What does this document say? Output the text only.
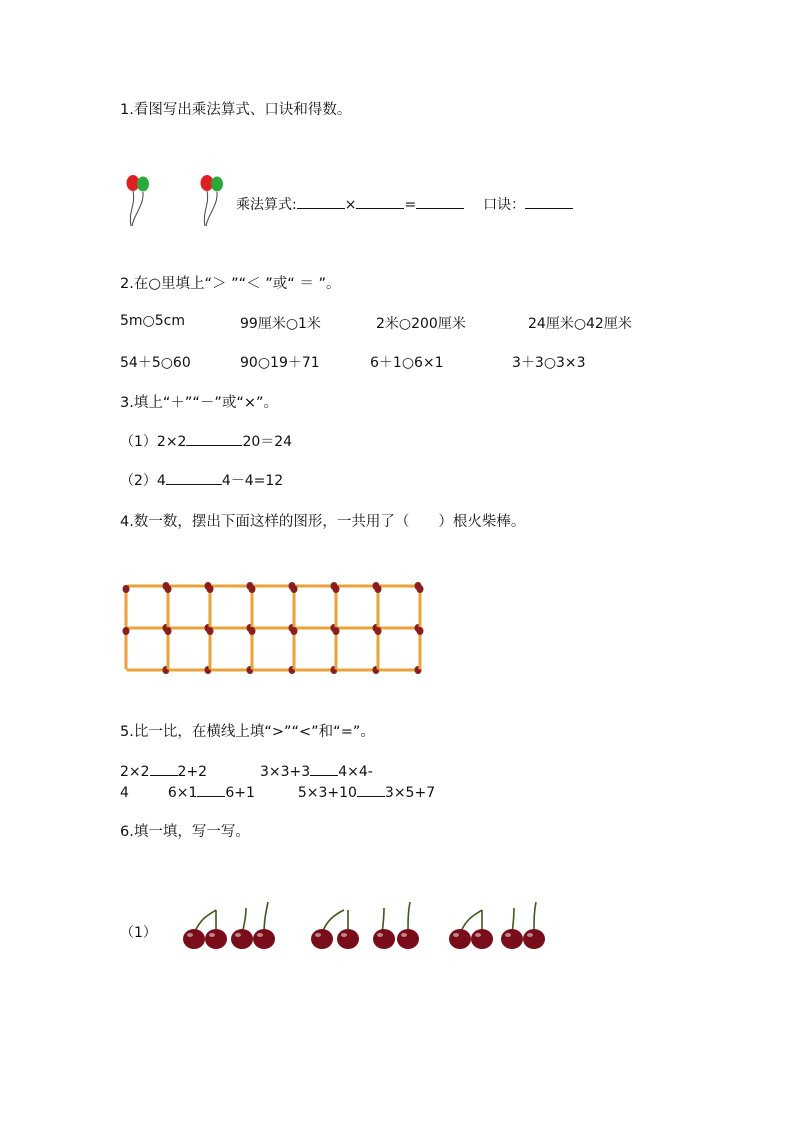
1.看图写出乘法算式、口诀和得数。
乘法算式:	×	=	口诀：
2.在○里填上“＞ ”“＜ ”或“ ＝ ”。
5m○5cm	99厘米○1米	2米○200厘米	24厘米○42厘米
54＋5○60	90○19＋71	6＋1○6×1	3＋3○3×3
3.填上“＋”“－”或“×”。
（1）2×2	20＝24
（2）4	4－4=12
4.数一数，摆出下面这样的图形，一共用了（　　）根火柴棒。
5.比一比，在横线上填“>”“<”和“=”。
2×2 2+2	3×3+3 4×4-
4	6×1 6+1	5×3+10 3×5+7
6.填一填，写一写。
（1）
